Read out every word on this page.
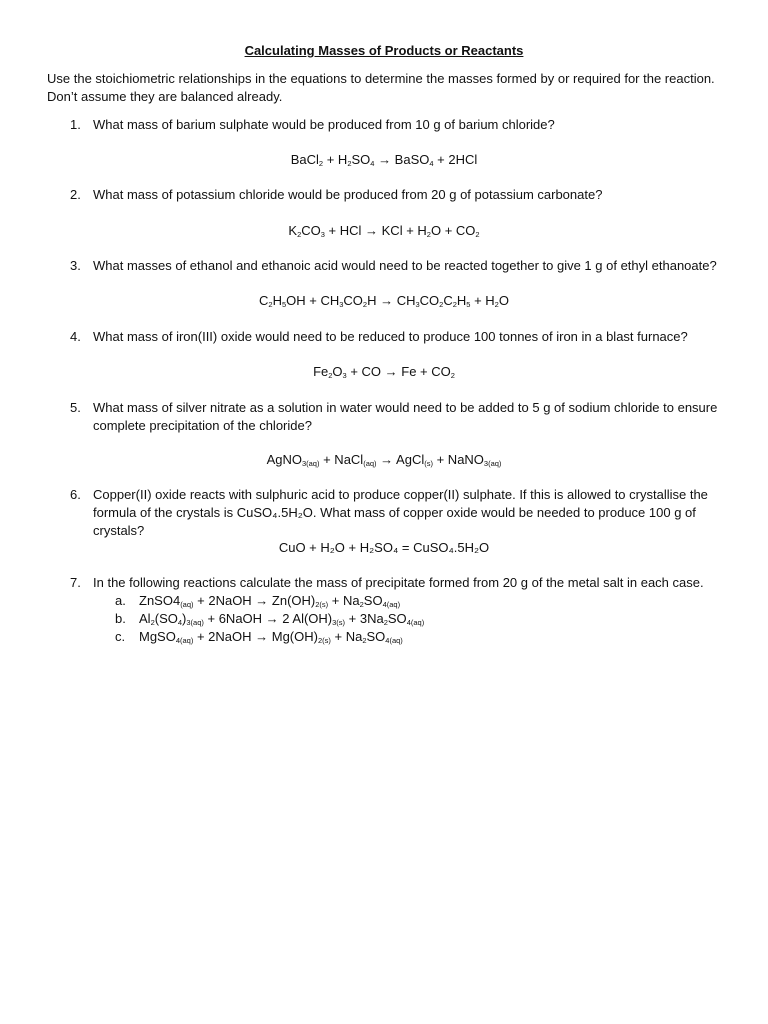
Calculating Masses of Products or Reactants
Use the stoichiometric relationships in the equations to determine the masses formed by or required for the reaction. Don’t assume they are balanced already.
1. What mass of barium sulphate would be produced from 10 g of barium chloride?
BaCl$_2$ + $H_2SO_4$ → BaSO$_4$ + 2HCl
2. What mass of potassium chloride would be produced from 20 g of potassium carbonate?
$K_2CO_3$ + HCl → KCl + $H_2O + CO_2$
3. What masses of ethanol and ethanoic acid would need to be reacted together to give 1 g of ethyl ethanoate?
$C_2H_5OH + CH_3CO_2H \to CH_3CO_2C_2H_5 + H_2O$
4. What mass of iron(III) oxide would need to be reduced to produce 100 tonnes of iron in a blast furnace?
$Fe_2O_3$ + CO → $Fe + CO_2$
5. What mass of silver nitrate as a solution in water would need to be added to 5 g of sodium chloride to ensure complete precipitation of the chloride?
AgNO$_{3(aq)}$ + NaCl$_{(aq)}$ → AgCl$_{(s)}$ + NaNO$_{3(aq)}$
6. Copper(II) oxide reacts with sulphuric acid to produce copper(II) sulphate. If this is allowed to crystallise the formula of the crystals is CuSO₄.5H₂O. What mass of copper oxide would be needed to produce 100 g of crystals?
CuO + H₂O + H₂SO₄ = CuSO₄.5H₂O
7. In the following reactions calculate the mass of precipitate formed from 20 g of the metal salt in each case.
a.	$ZnSO4_{(aq)}$ + 2NaOH → $Zn(OH)_{2(s)} + Na_2SO_{4(aq)}$
b.	$Al_2(SO_4)_{3(aq)}$ + 6NaOH → 2 $Al(OH)_{3(s)} + 3Na_2SO_{4(aq)}$
c.	MgSO$_{4(aq)}$ + 2NaOH → $Mg(OH)_{2(s)} + Na_2SO_{4(aq)}$
